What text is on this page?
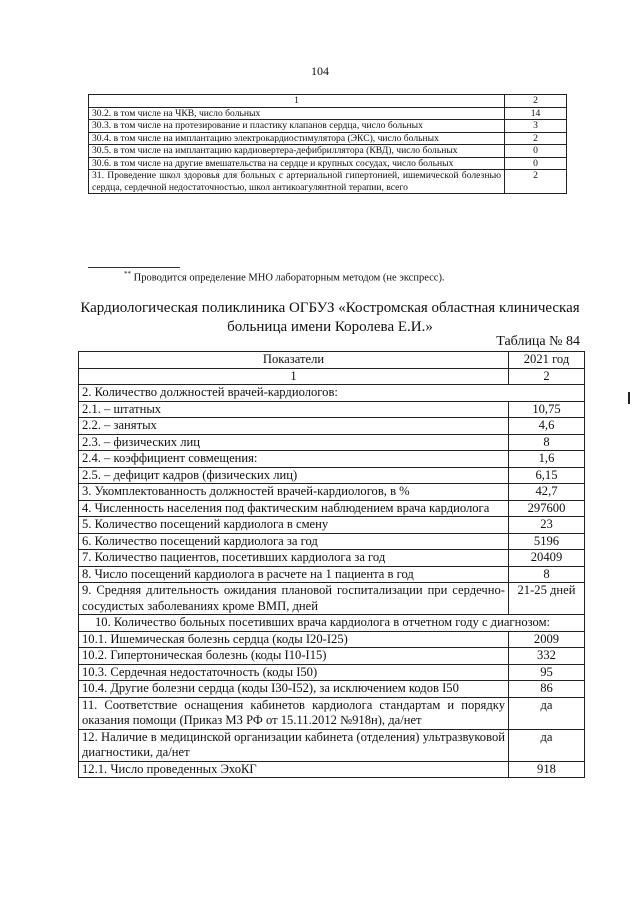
104
1	2
30.2. в том числе на ЧКВ, число больных	14
30.3. в том числе на протезирование и пластику клапанов сердца, число больных	3
30.4. в том числе на имплантацию электрокардиостимулятора (ЭКС), число больных	2
30.5. в том числе на имплантацию кардиовертера-дефибриллятора (КВД), число больных	0
30.6. в том числе на другие вмешательства на сердце и крупных сосудах, число больных	0
31. Проведение школ здоровья для больных с артериальной гипертонией, ишемической болезнью сердца, сердечной недостаточностью, школ антикоагулянтной терапии, всего	2
** Проводится определение МНО лабораторным методом (не экспресс).
Кардиологическая поликлиника ОГБУЗ «Костромская областная клиническая больница имени Королева Е.И.»
Таблица № 84
Показатели	2021 год
1	2
2. Количество должностей врачей-кардиологов:	
2.1. – штатных	10,75
2.2. – занятых	4,6
2.3. – физических лиц	8
2.4. – коэффициент совмещения:	1,6
2.5. – дефицит кадров (физических лиц)	6,15
3. Укомплектованность должностей врачей-кардиологов, в %	42,7
4. Численность населения под фактическим наблюдением врача кардиолога	297600
5. Количество посещений кардиолога в смену	23
6. Количество посещений кардиолога за год	5196
7. Количество пациентов, посетивших кардиолога за год	20409
8. Число посещений кардиолога в расчете на 1 пациента в год	8
9. Средняя длительность ожидания плановой госпитализации при сердечно-сосудистых заболеваниях кроме ВМП, дней	21-25 дней
10. Количество больных посетивших врача кардиолога в отчетном году с диагнозом:	
10.1. Ишемическая болезнь сердца (коды I20-I25)	2009
10.2. Гипертоническая болезнь (коды I10-I15)	332
10.3. Сердечная недостаточность (коды I50)	95
10.4. Другие болезни сердца (коды I30-I52), за исключением кодов I50	86
11. Соответствие оснащения кабинетов кардиолога стандартам и порядку оказания помощи (Приказ МЗ РФ от 15.11.2012 №918н), да/нет	да
12. Наличие в медицинской организации кабинета (отделения) ультразвуковой диагностики, да/нет	да
12.1. Число проведенных ЭхоКГ	918
